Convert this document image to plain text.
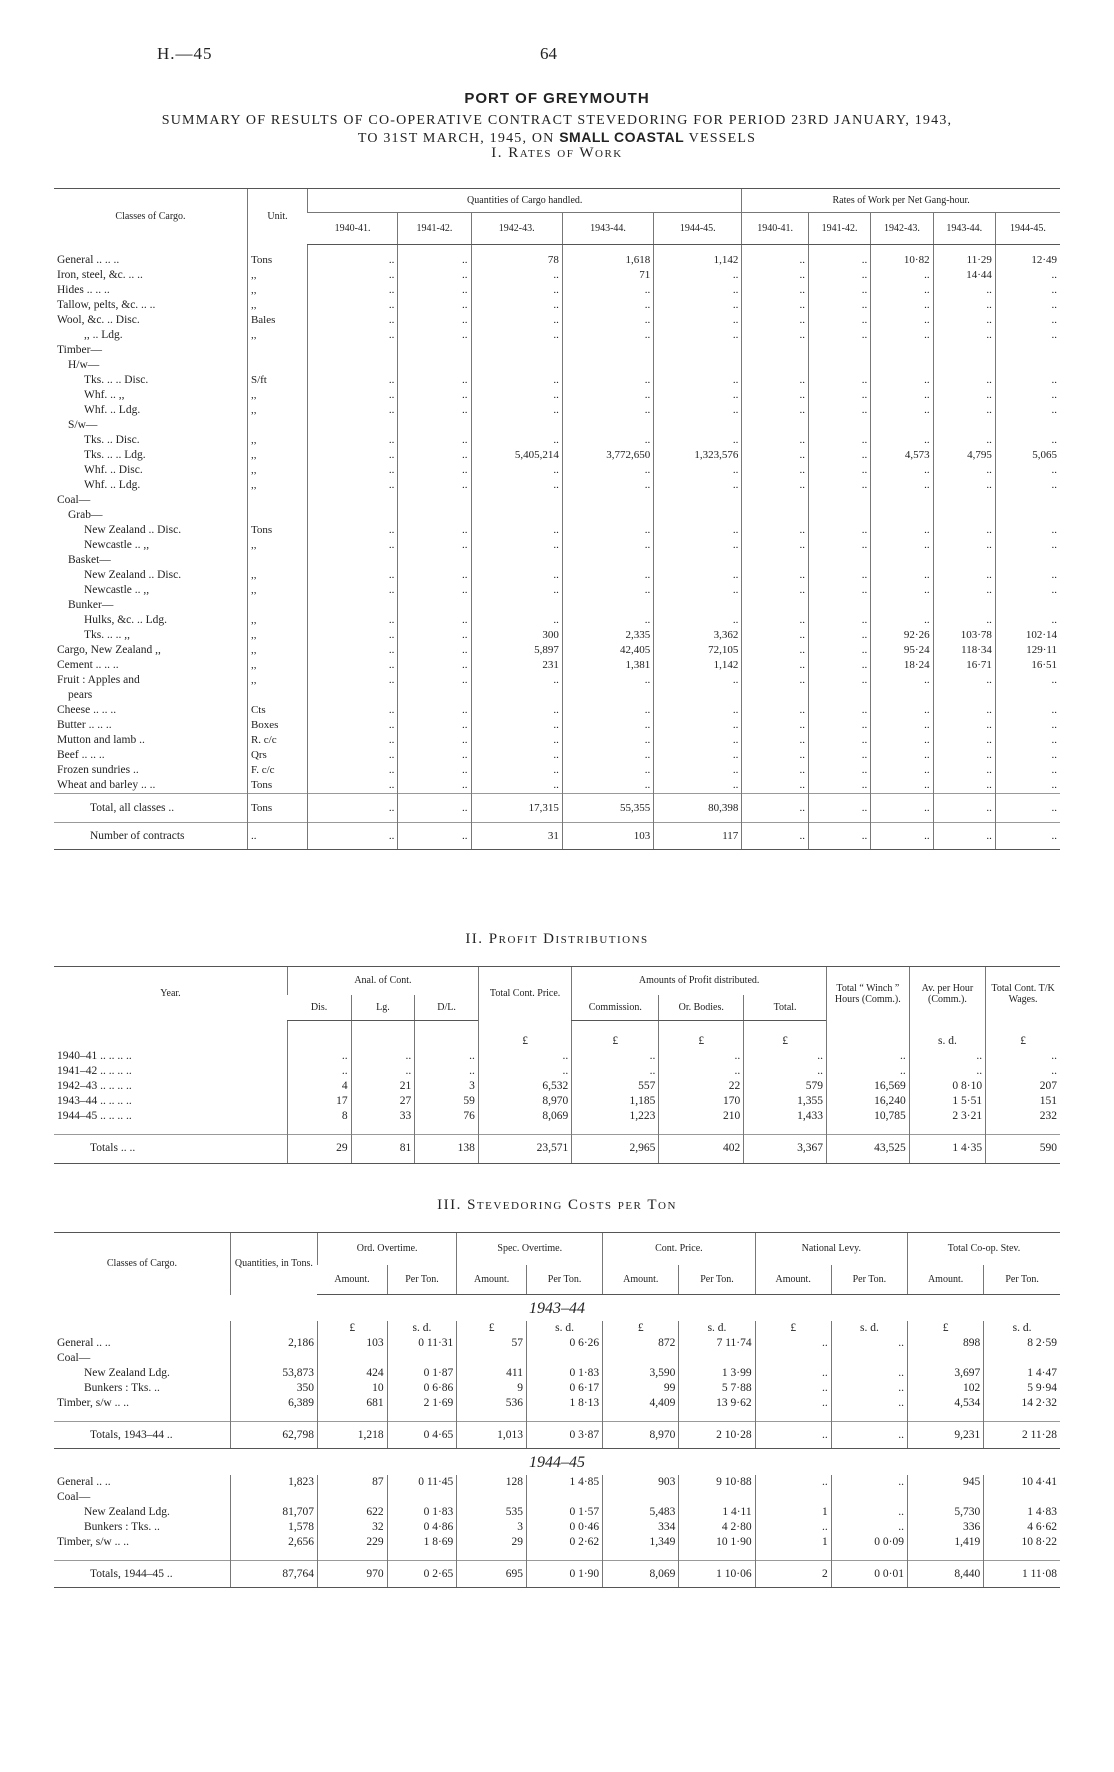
H.—45	64
PORT OF GREYMOUTH
SUMMARY OF RESULTS OF CO-OPERATIVE CONTRACT STEVEDORING FOR PERIOD 23RD JANUARY, 1943,
TO 31ST MARCH, 1945, ON SMALL COASTAL VESSELS
I. Rates of Work
Classes of Cargo.	Unit.	Quantities of Cargo handled.					Rates of Work per Net Gang-hour.				
		1940-41.	1941-42.	1942-43.	1943-44.	1944-45.	1940-41.	1941-42.	1942-43.	1943-44.	1944-45.

General .. .. ..	Tons	..	..	78	1,618	1,142	..	..	10·82	11·29	12·49
Iron, steel, &c. .. ..	,,	..	..	..	71	..	..	..	..	14·44	..
Hides .. .. ..	,,	..	..	..	..	..	..	..	..	..	..
Tallow, pelts, &c. .. ..	,,	..	..	..	..	..	..	..	..	..	..
Wool, &c. .. Disc.	Bales	..	..	..	..	..	..	..	..	..	..
,, .. Ldg.	,,	..	..	..	..	..	..	..	..	..	..
Timber—											
H/w—											
Tks. .. .. Disc.	S/ft	..	..	..	..	..	..	..	..	..	..
Whf. .. ,,	,,	..	..	..	..	..	..	..	..	..	..
Whf. .. Ldg.	,,	..	..	..	..	..	..	..	..	..	..
S/w—											
Tks. .. Disc.	,,	..	..	..	..	..	..	..	..	..	..
Tks. .. .. Ldg.	,,	..	..	5,405,214	3,772,650	1,323,576	..	..	4,573	4,795	5,065
Whf. .. Disc.	,,	..	..	..	..	..	..	..	..	..	..
Whf. .. Ldg.	,,	..	..	..	..	..	..	..	..	..	..
Coal—											
Grab—											
New Zealand .. Disc.	Tons	..	..	..	..	..	..	..	..	..	..
Newcastle .. ,,	,,	..	..	..	..	..	..	..	..	..	..
Basket—											
New Zealand .. Disc.	,,	..	..	..	..	..	..	..	..	..	..
Newcastle .. ,,	,,	..	..	..	..	..	..	..	..	..	..
Bunker—											
Hulks, &c. .. Ldg.	,,	..	..	..	..	..	..	..	..	..	..
Tks. .. .. ,,	,,	..	..	300	2,335	3,362	..	..	92·26	103·78	102·14
Cargo, New Zealand ,,	,,	..	..	5,897	42,405	72,105	..	..	95·24	118·34	129·11
Cement .. .. ..	,,	..	..	231	1,381	1,142	..	..	18·24	16·71	16·51
Fruit : Apples and	,,	..	..	..	..	..	..	..	..	..	..
pears											
Cheese .. .. ..	Cts	..	..	..	..	..	..	..	..	..	..
Butter .. .. ..	Boxes	..	..	..	..	..	..	..	..	..	..
Mutton and lamb ..	R. c/c	..	..	..	..	..	..	..	..	..	..
Beef .. .. ..	Qrs	..	..	..	..	..	..	..	..	..	..
Frozen sundries ..	F. c/c	..	..	..	..	..	..	..	..	..	..
Wheat and barley .. ..	Tons	..	..	..	..	..	..	..	..	..	..
Total, all classes ..	Tons	..	..	17,315	55,355	80,398	..	..	..	..	..
Number of contracts	..	..	..	31	103	117	..	..	..	..	..
II. Profit Distributions
Year.	Anal. of Cont.			Total Cont. Price.	Amounts of Profit distributed.			Total “ Winch ” Hours (Comm.).	Av. per Hour (Comm.).	Total Cont. T/K Wages.
	Dis.	Lg.	D/L.		Commission.	Or. Bodies.	Total.			
				£	£	£	£		s. d.	£
1940–41 .. .. .. ..	..	..	..	..	..	..	..	..	..	..
1941–42 .. .. .. ..	..	..	..	..	..	..	..	..	..	..
1942–43 .. .. .. ..	4	21	3	6,532	557	22	579	16,569	0 8·10	207
1943–44 .. .. .. ..	17	27	59	8,970	1,185	170	1,355	16,240	1 5·51	151
1944–45 .. .. .. ..	8	33	76	8,069	1,223	210	1,433	10,785	2 3·21	232

Totals .. ..	29	81	138	23,571	2,965	402	3,367	43,525	1 4·35	590
III. Stevedoring Costs per Ton
Classes of Cargo.	Quantities, in Tons.	Ord. Overtime.		Spec. Overtime.		Cont. Price.		National Levy.		Total Co-op. Stev.	
		Amount.	Per Ton.	Amount.	Per Ton.	Amount.	Per Ton.	Amount.	Per Ton.	Amount.	Per Ton.
1943–44											
		£	s. d.	£	s. d.	£	s. d.	£	s. d.	£	s. d.
General .. ..	2,186	103	0 11·31	57	0 6·26	872	7 11·74	..	..	898	8 2·59
Coal—											
New Zealand Ldg.	53,873	424	0 1·87	411	0 1·83	3,590	1 3·99	..	..	3,697	1 4·47
Bunkers : Tks. ..	350	10	0 6·86	9	0 6·17	99	5 7·88	..	..	102	5 9·94
Timber, s/w .. ..	6,389	681	2 1·69	536	1 8·13	4,409	13 9·62	..	..	4,534	14 2·32

Totals, 1943–44 ..	62,798	1,218	0 4·65	1,013	0 3·87	8,970	2 10·28	..	..	9,231	2 11·28
1944–45											
General .. ..	1,823	87	0 11·45	128	1 4·85	903	9 10·88	..	..	945	10 4·41
Coal—											
New Zealand Ldg.	81,707	622	0 1·83	535	0 1·57	5,483	1 4·11	1	..	5,730	1 4·83
Bunkers : Tks. ..	1,578	32	0 4·86	3	0 0·46	334	4 2·80	..	..	336	4 6·62
Timber, s/w .. ..	2,656	229	1 8·69	29	0 2·62	1,349	10 1·90	1	0 0·09	1,419	10 8·22

Totals, 1944–45 ..	87,764	970	0 2·65	695	0 1·90	8,069	1 10·06	2	0 0·01	8,440	1 11·08
